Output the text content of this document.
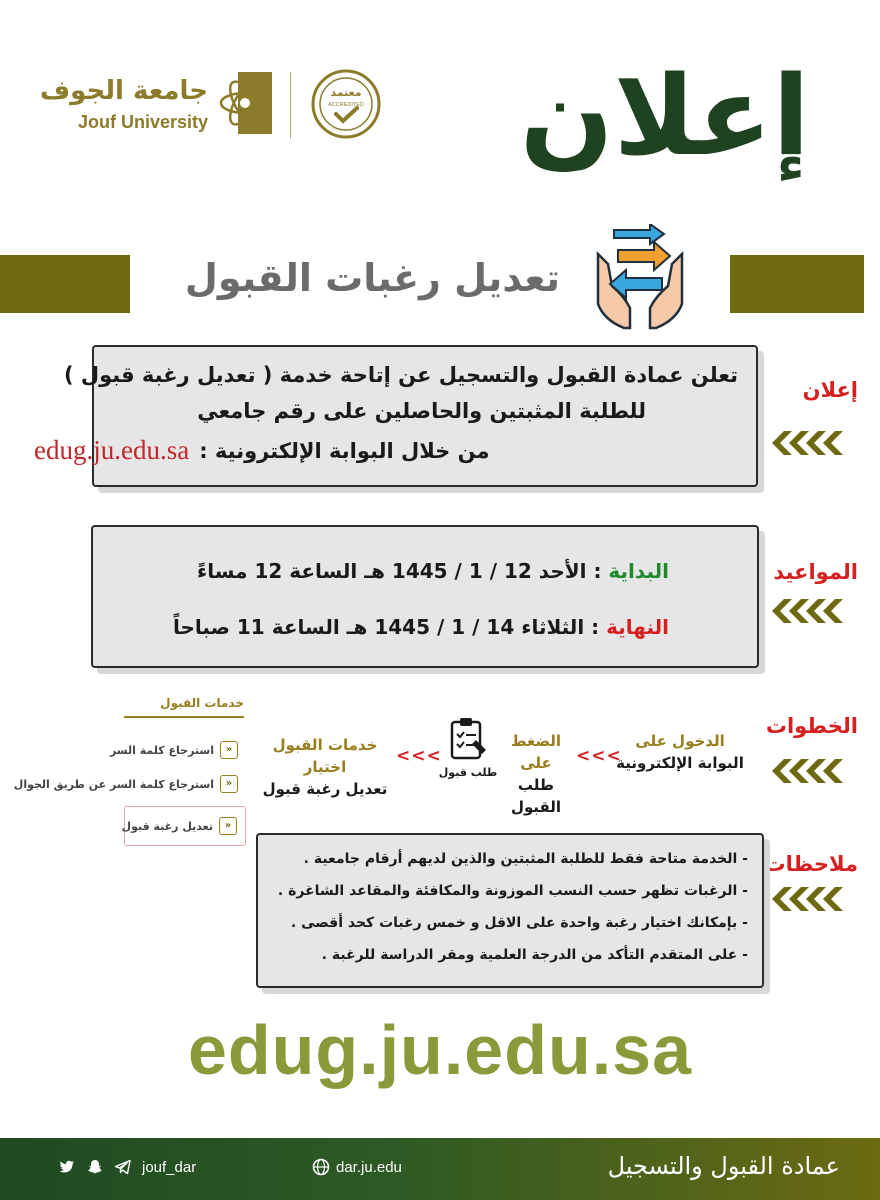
جامعة الجوف
Jouf University
معتمد
ACCREDITED إعلان
تعديل رغبات القبول
إعلان
تعلن عمادة القبول والتسجيل عن إتاحة خدمة ( تعديل رغبة قبول )
للطلبة المثبتين والحاصلين على رقم جامعي
من خلال البوابة الإلكترونية :
edug.ju.edu.sa
المواعيد
البداية : الأحد 12 / 1 / 1445 هـ الساعة 12 مساءً
النهاية : الثلاثاء 14 / 1 / 1445 هـ الساعة 11 صباحاً
الخطوات
الدخول على
البوابة الإلكترونية
<<<
الضغط على
طلب القبول
طلب قبول
<<<
خدمات القبول اختيار
تعديل رغبة قبول
خدمات القبول
»
استرجاع كلمة السر
»
استرجاع كلمة السر عن طريق الجوال
»
تعديل رغبة قبول
ملاحظات
- الخدمة متاحة فقط للطلبة المثبتين والذين لديهم أرقام جامعية .
- الرغبات تظهر حسب النسب الموزونة والمكافئة والمقاعد الشاغرة .
- بإمكانك اختيار رغبة واحدة على الاقل و خمس رغبات كحد أقصى .
- على المتقدم التأكد من الدرجة العلمية ومقر الدراسة للرغبة .
edug.ju.edu.sa
عمادة القبول والتسجيل
dar.ju.edu
jouf_dar
